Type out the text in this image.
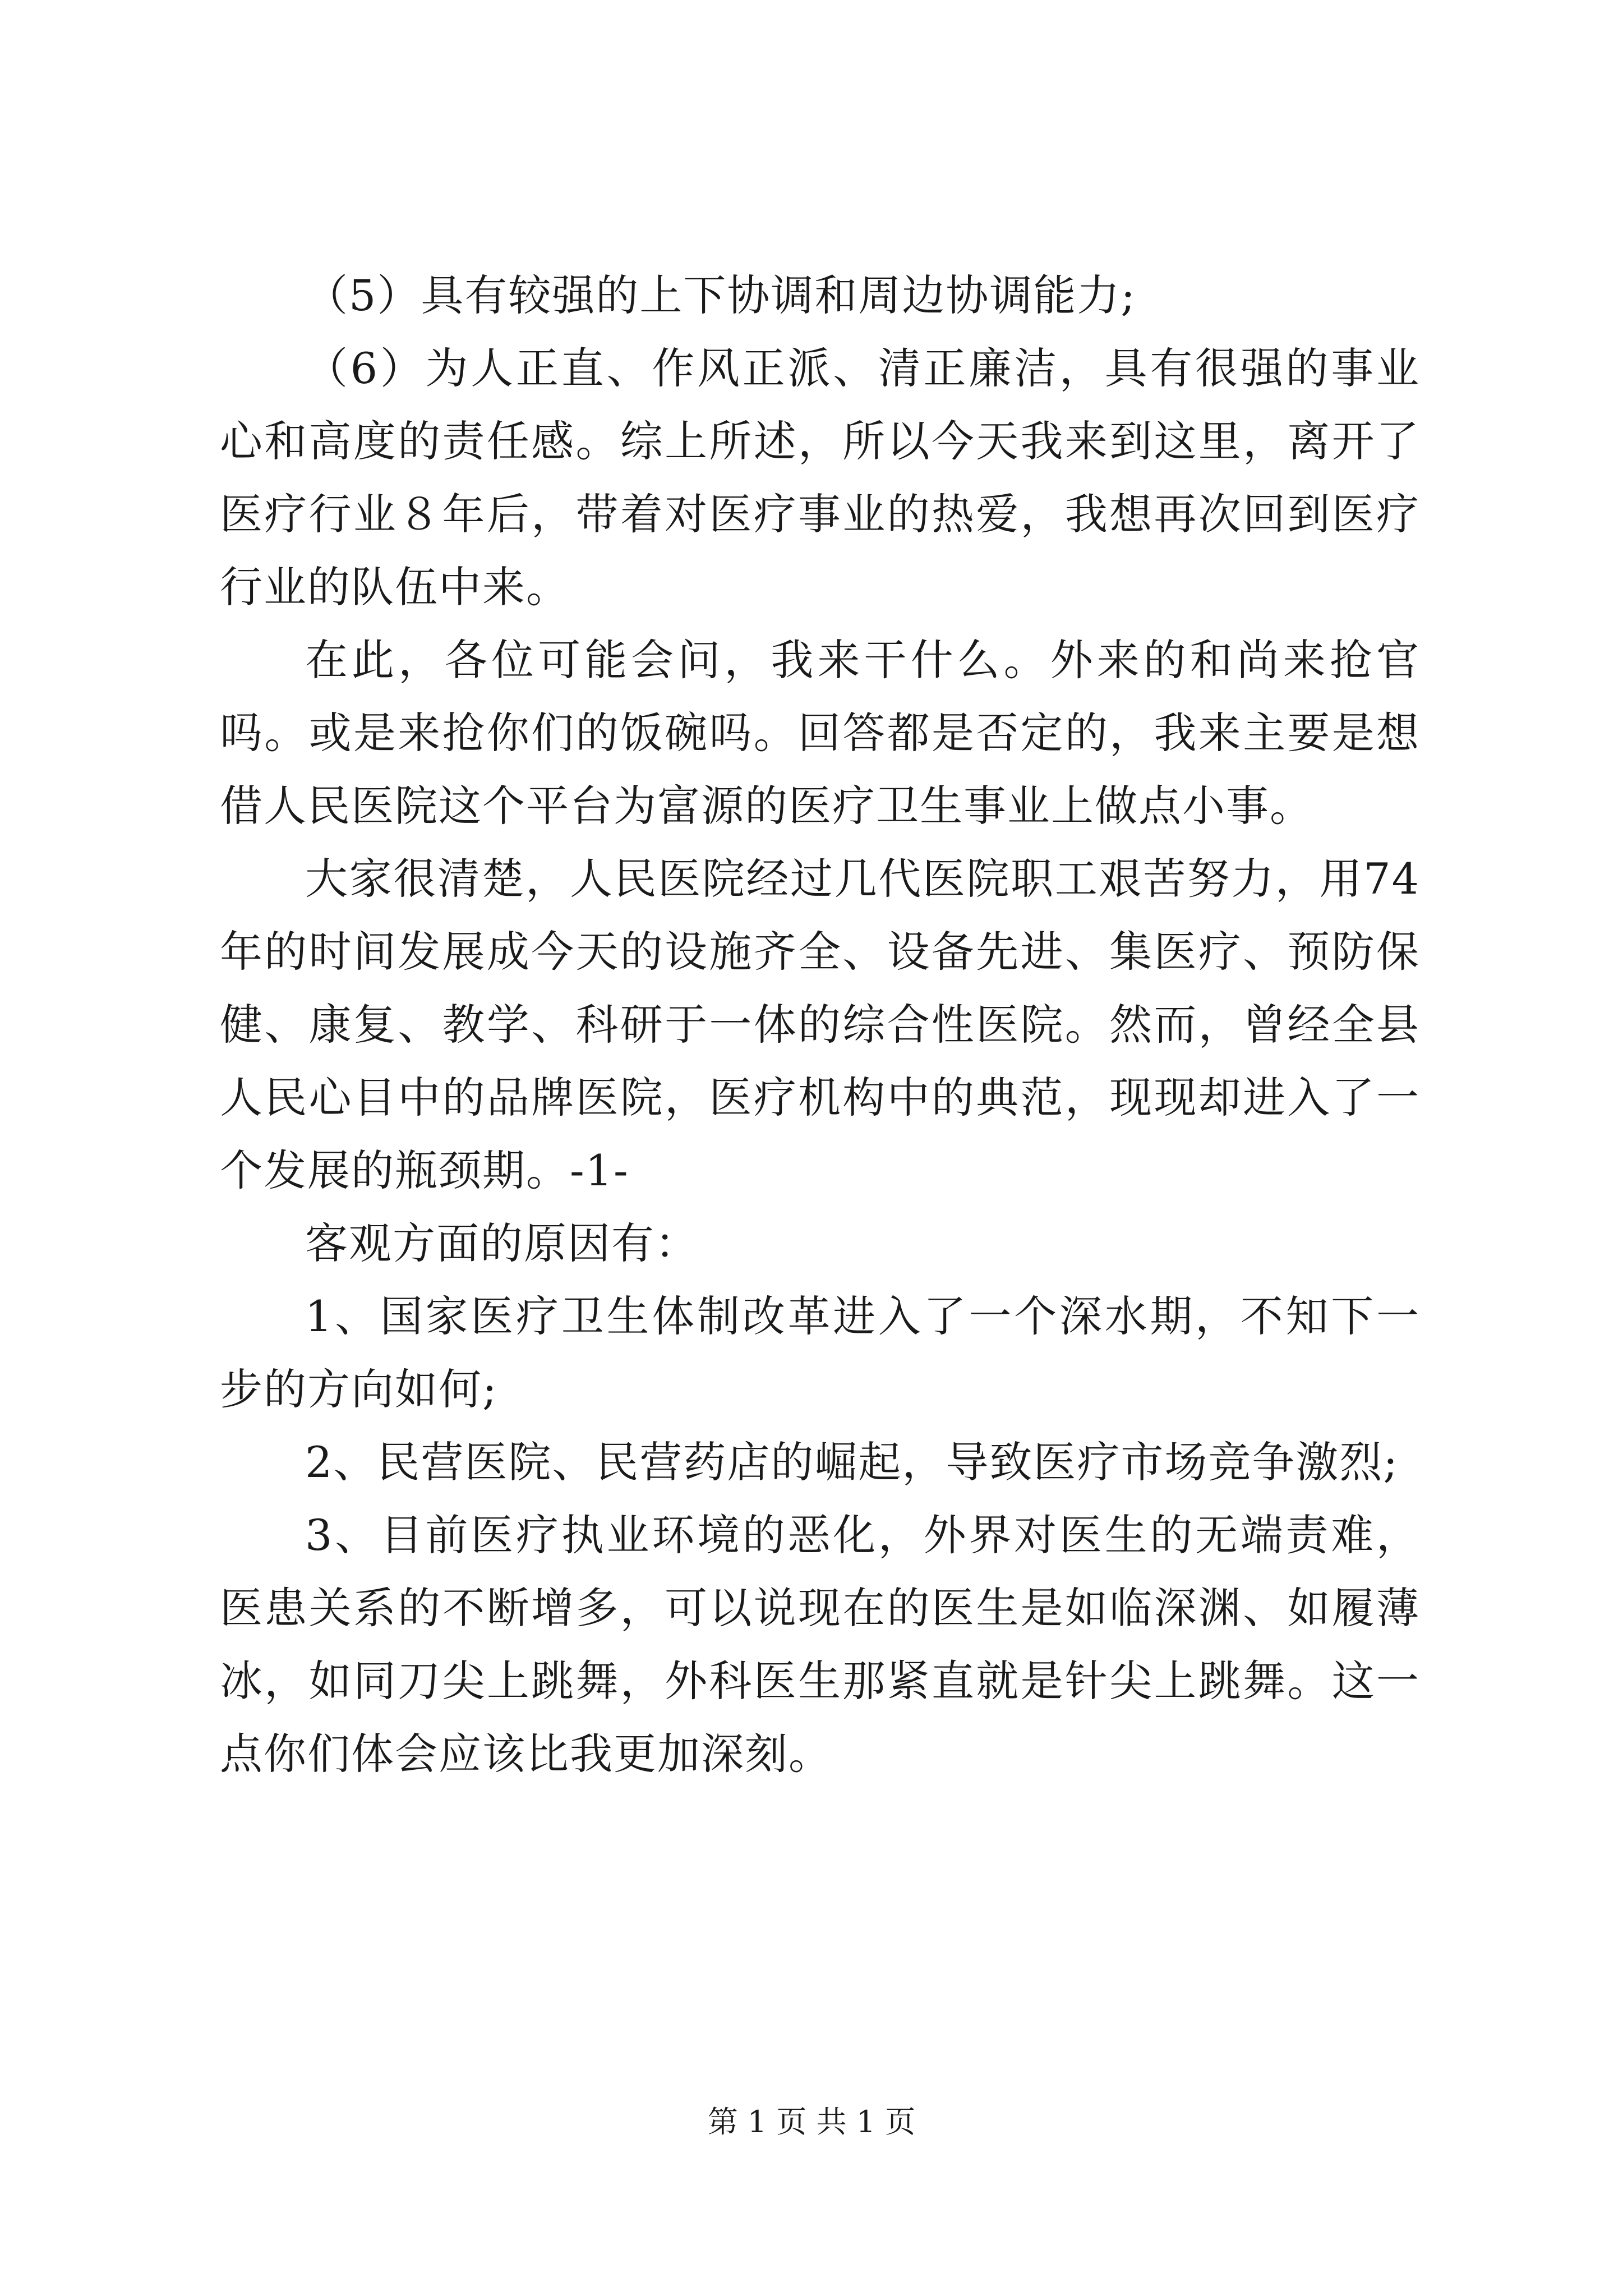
（5）具有较强的上下协调和周边协调能力;

（6）为人正直、作风正派、清正廉洁，具有很强的事业心和高度的责任感。综上所述，所以今天我来到这里，离开了医疗行业８年后，带着对医疗事业的热爱，我想再次回到医疗行业的队伍中来。

在此，各位可能会问，我来干什么。外来的和尚来抢官吗。或是来抢你们的饭碗吗。回答都是否定的，我来主要是想借人民医院这个平台为富源的医疗卫生事业上做点小事。

大家很清楚，人民医院经过几代医院职工艰苦努力，用74年的时间发展成今天的设施齐全、设备先进、集医疗、预防保健、康复、教学、科研于一体的综合性医院。然而，曾经全县人民心目中的品牌医院，医疗机构中的典范，现现却进入了一个发展的瓶颈期。-1-

客观方面的原因有：

1、国家医疗卫生体制改革进入了一个深水期，不知下一步的方向如何;

2、民营医院、民营药店的崛起，导致医疗市场竞争激烈;

3、目前医疗执业环境的恶化，外界对医生的无端责难，医患关系的不断增多，可以说现在的医生是如临深渊、如履薄冰，如同刀尖上跳舞，外科医生那紧直就是针尖上跳舞。这一点你们体会应该比我更加深刻。

第 1 页 共 1 页
